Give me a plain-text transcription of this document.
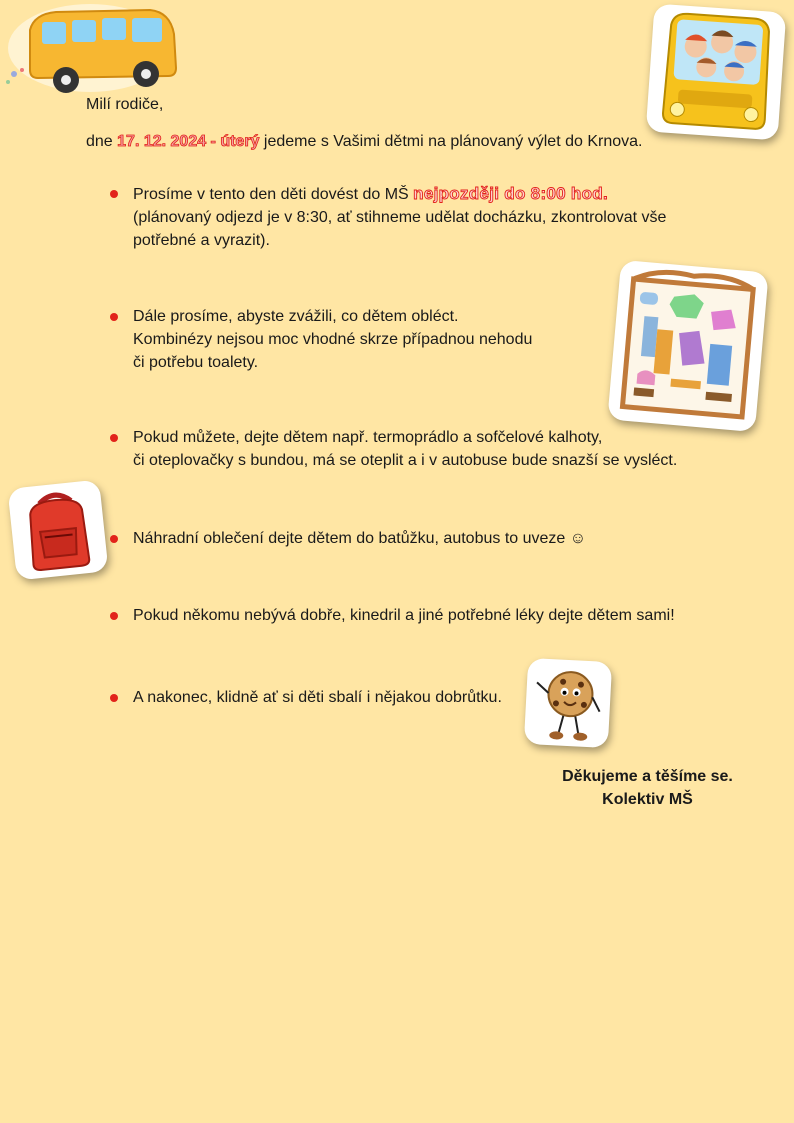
Milí rodiče,
dne 17. 12. 2024 - úterý jedeme s Vašimi dětmi na plánovaný výlet do Krnova.
Prosíme v tento den děti dovést do MŠ nejpozději do 8:00 hod.
(plánovaný odjezd je v 8:30, ať stihneme udělat docházku, zkontrolovat vše potřebné a vyrazit).
Dále prosíme, abyste zvážili, co dětem obléct.
Kombinézy nejsou moc vhodné skrze případnou nehodu
či potřebu toalety.
Pokud můžete, dejte dětem např. termoprádlo a sofčelové kalhoty,
či oteplovačky s bundou, má se oteplit a i v autobuse bude snazší se vysléct.
Náhradní oblečení dejte dětem do batůžku, autobus to uveze ☺
Pokud někomu nebývá dobře, kinedril a jiné potřebné léky dejte dětem sami!
A nakonec, klidně ať si děti sbalí i nějakou dobrůtku.
Děkujeme a těšíme se.
Kolektiv MŠ
